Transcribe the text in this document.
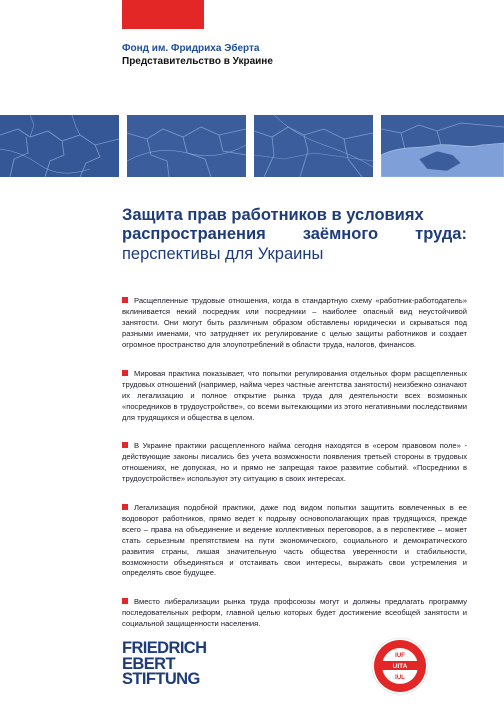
Фонд им. Фридриха Эберта
Представительство в Украине
Защита прав работников в условиях
распространения заёмного труда:
перспективы для Украины
Расщепленные трудовые отношения, когда в стандартную схему «работник-работодатель» вклинивается некий посредник или посредники – наиболее опасный вид неустойчивой занятости. Они могут быть различным образом обставлены юридически и скрываться под разными именами, что затрудняет их регулирование с целью защиты работников и создает огромное пространство для злоупотреблений в области труда, налогов, финансов.
Мировая практика показывает, что попытки регулирования отдельных форм расщепленных трудовых отношений (например, найма через частные агентства занятости) неизбежно означают их легализацию и полное открытие рынка труда для деятельности всех возможных «посредников в трудоустройстве», со всеми вытекающими из этого негативными последствиями для трудящихся и общества в целом.
В Украине практики расщепленного найма сегодня находятся в «сером правовом поле» - действующие законы писались без учета возможности появления третьей стороны в трудовых отношениях, не допуская, но и прямо не запрещая такое развитие событий. «Посредники в трудоустройстве» используют эту ситуацию в своих интересах.
Легализация подобной практики, даже под видом попытки защитить вовлеченных в ее водоворот работников, прямо ведет к подрыву основополагающих прав трудящихся, прежде всего – права на объединение и ведение коллективных переговоров, а в перспективе – может стать серьезным препятствием на пути экономического, социального и демократического развития страны, лишая значительную часть общества уверенности и стабильности, возможности объединяться и отстаивать свои интересы, выражать свои устремления и определять свое будущее.
Вместо либерализации рынка труда профсоюзы могут и должны предлагать программу последовательных реформ, главной целью которых будет достижение всеобщей занятости и социальной защищенности населения.
FRIEDRICH
EBERT
STIFTUNG
IUF
UITA
IUL
